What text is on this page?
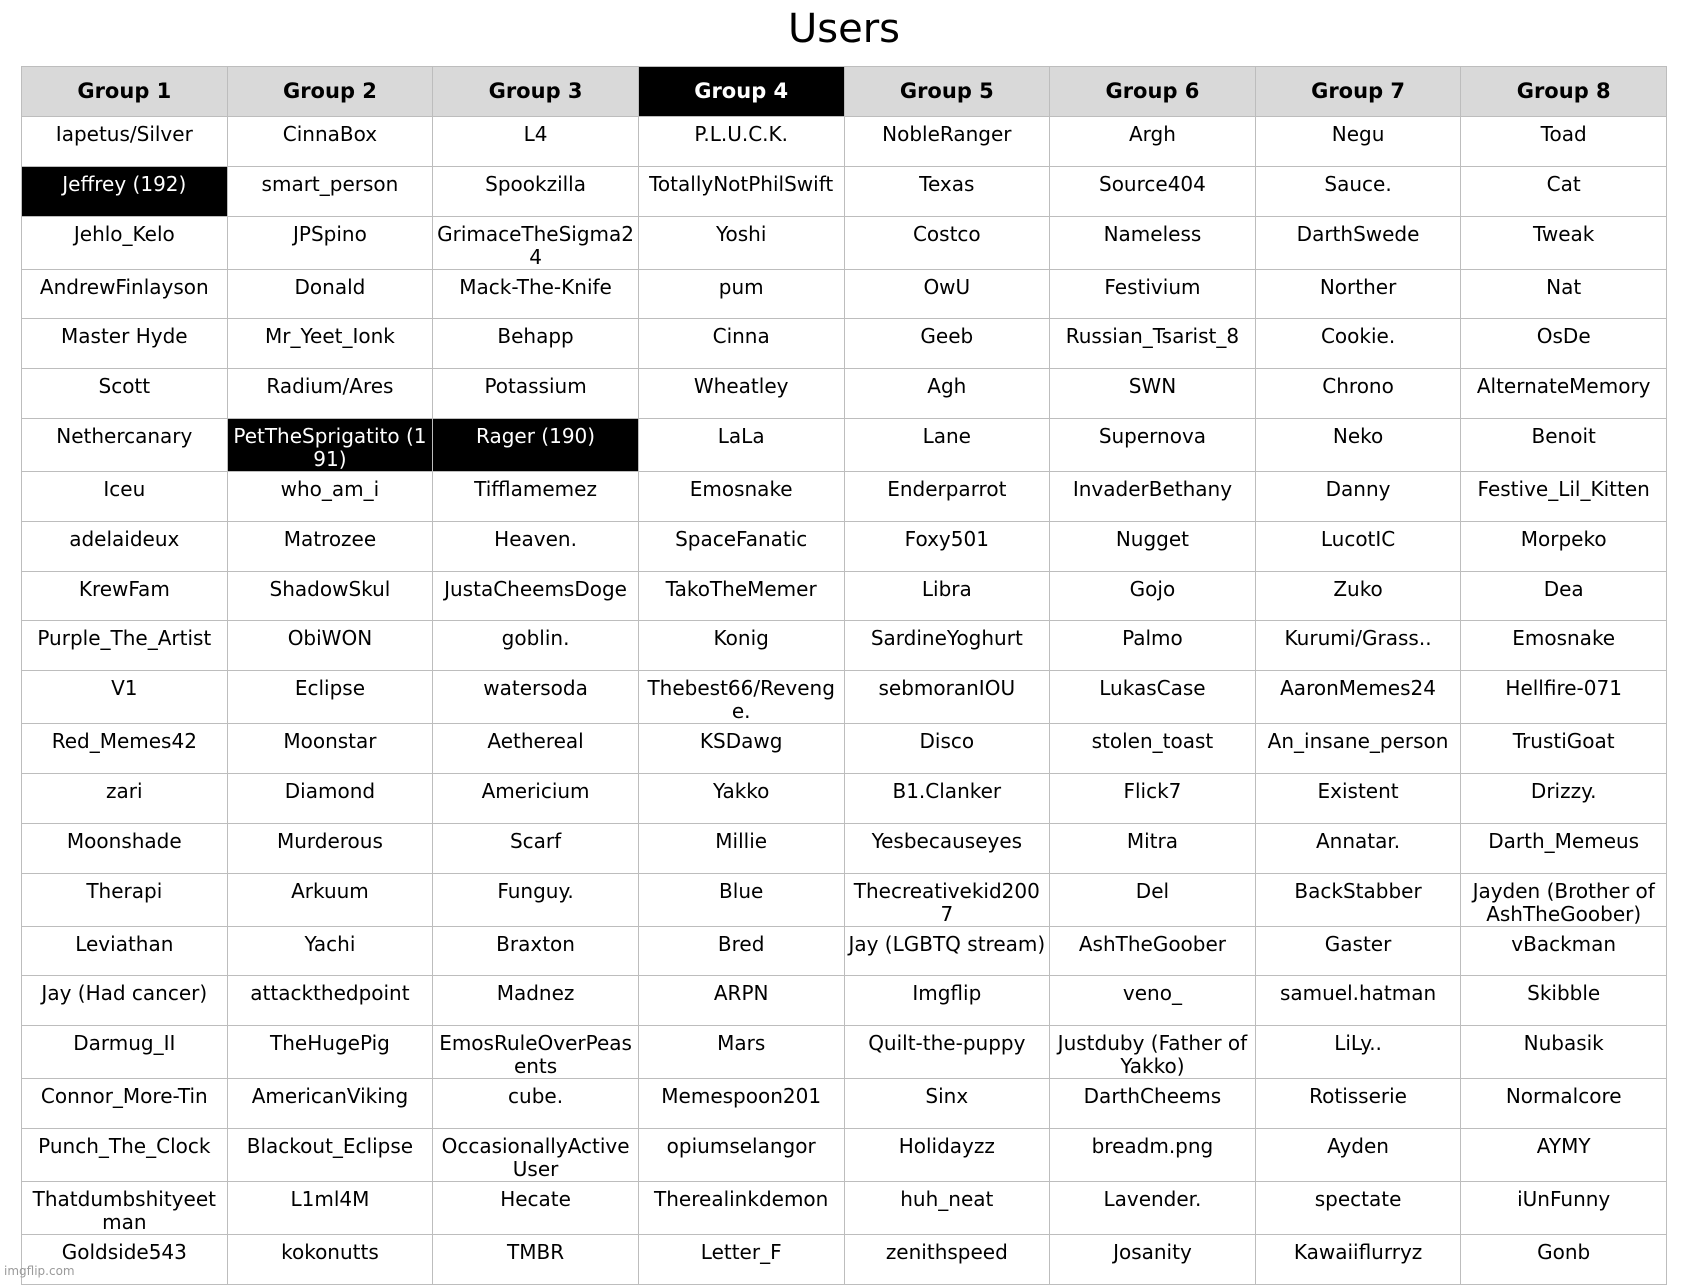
Users
Group 1	Group 2	Group 3	Group 4	Group 5	Group 6	Group 7	Group 8
Iapetus/Silver	CinnaBox	L4	P.L.U.C.K.	NobleRanger	Argh	Negu	Toad
Jeffrey (192)	smart_person	Spookzilla	TotallyNotPhilSwift	Texas	Source404	Sauce.	Cat
Jehlo_Kelo	JPSpino	GrimaceTheSigma24	Yoshi	Costco	Nameless	DarthSwede	Tweak
AndrewFinlayson	Donald	Mack-The-Knife	pum	OwU	Festivium	Norther	Nat
Master Hyde	Mr_Yeet_Ionk	Behapp	Cinna	Geeb	Russian_Tsarist_8	Cookie.	OsDe
Scott	Radium/Ares	Potassium	Wheatley	Agh	SWN	Chrono	AlternateMemory
Nethercanary	PetTheSprigatito (191)	Rager (190)	LaLa	Lane	Supernova	Neko	Benoit
Iceu	who_am_i	Tifflamemez	Emosnake	Enderparrot	InvaderBethany	Danny	Festive_Lil_Kitten
adelaideux	Matrozee	Heaven.	SpaceFanatic	Foxy501	Nugget	LucotIC	Morpeko
KrewFam	ShadowSkul	JustaCheemsDoge	TakoTheMemer	Libra	Gojo	Zuko	Dea
Purple_The_Artist	ObiWON	goblin.	Konig	SardineYoghurt	Palmo	Kurumi/Grass..	Emosnake
V1	Eclipse	watersoda	Thebest66/Revenge.	sebmoranIOU	LukasCase	AaronMemes24	Hellfire-071
Red_Memes42	Moonstar	Aethereal	KSDawg	Disco	stolen_toast	An_insane_person	TrustiGoat
zari	Diamond	Americium	Yakko	B1.Clanker	Flick7	Existent	Drizzy.
Moonshade	Murderous	Scarf	Millie	Yesbecauseyes	Mitra	Annatar.	Darth_Memeus
Therapi	Arkuum	Funguy.	Blue	Thecreativekid2007	Del	BackStabber	Jayden (Brother of AshTheGoober)
Leviathan	Yachi	Braxton	Bred	Jay (LGBTQ stream)	AshTheGoober	Gaster	vBackman
Jay (Had cancer)	attackthedpoint	Madnez	ARPN	Imgflip	veno_	samuel.hatman	Skibble
Darmug_II	TheHugePig	EmosRuleOverPeasents	Mars	Quilt-the-puppy	Justduby (Father of Yakko)	LiLy..	Nubasik
Connor_More-Tin	AmericanViking	cube.	Memespoon201	Sinx	DarthCheems	Rotisserie	Normalcore
Punch_The_Clock	Blackout_Eclipse	OccasionallyActiveUser	opiumselangor	Holidayzz	breadm.png	Ayden	AYMY
Thatdumbshityeetman	L1ml4M	Hecate	Therealinkdemon	huh_neat	Lavender.	spectate	iUnFunny
Goldside543	kokonutts	TMBR	Letter_F	zenithspeed	Josanity	Kawaiiflurryz	Gonb
imgflip.com
